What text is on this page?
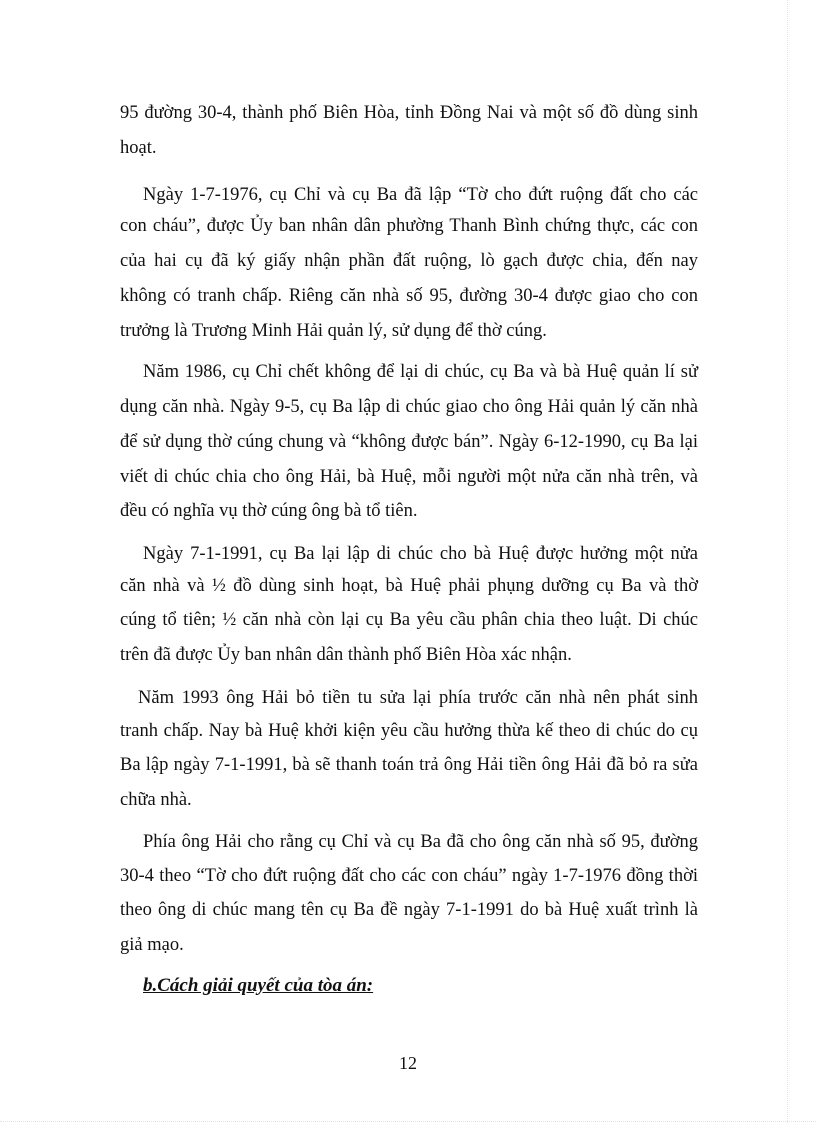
95 đường 30-4, thành phố Biên Hòa, tỉnh Đồng Nai và một số đồ dùng sinh
hoạt.
Ngày 1-7-1976, cụ Chỉ và cụ Ba đã lập “Tờ cho đứt ruộng đất cho các
con cháu”, được Ủy ban nhân dân phường Thanh Bình chứng thực, các con
của hai cụ đã ký giấy nhận phần đất ruộng, lò gạch được chia, đến nay
không có tranh chấp. Riêng căn nhà số 95, đường 30-4 được giao cho con
trưởng là Trương Minh Hải quản lý, sử dụng để thờ cúng.
Năm 1986, cụ Chỉ chết không để lại di chúc, cụ Ba và bà Huệ quản lí sử
dụng căn nhà. Ngày 9-5, cụ Ba lập di chúc giao cho ông Hải quản lý căn nhà
để sử dụng thờ cúng chung và “không được bán”. Ngày 6-12-1990, cụ Ba lại
viết di chúc chia cho ông Hải, bà Huệ, mỗi người một nửa căn nhà trên, và
đều có nghĩa vụ thờ cúng ông bà tổ tiên.
Ngày 7-1-1991, cụ Ba lại lập di chúc cho bà Huệ được hưởng một nửa
căn nhà và ½ đồ dùng sinh hoạt, bà Huệ phải phụng dưỡng cụ Ba và thờ
cúng tổ tiên; ½ căn nhà còn lại cụ Ba yêu cầu phân chia theo luật. Di chúc
trên đã được Ủy ban nhân dân thành phố Biên Hòa xác nhận.
Năm 1993 ông Hải bỏ tiền tu sửa lại phía trước căn nhà nên phát sinh
tranh chấp. Nay bà Huệ khởi kiện yêu cầu hưởng thừa kế theo di chúc do cụ
Ba lập ngày 7-1-1991, bà sẽ thanh toán trả ông Hải tiền ông Hải đã bỏ ra sửa
chữa nhà.
Phía ông Hải cho rằng cụ Chỉ và cụ Ba đã cho ông căn nhà số 95, đường
30-4 theo “Tờ cho đứt ruộng đất cho các con cháu” ngày 1-7-1976 đồng thời
theo ông di chúc mang tên cụ Ba đề ngày 7-1-1991 do bà Huệ xuất trình là
giả mạo.
b.Cách giải quyết của tòa án:
12
